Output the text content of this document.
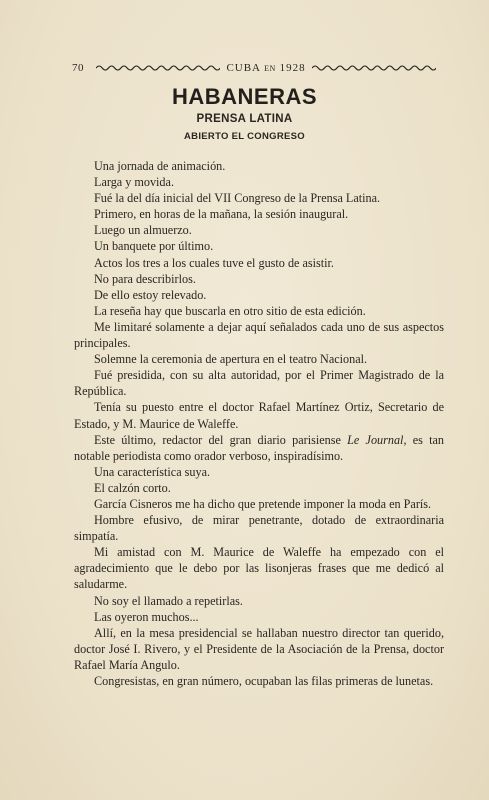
70	CUBA EN 1928
HABANERAS
PRENSA LATINA
ABIERTO EL CONGRESO

Una jornada de animación.

Larga y movida.

Fué la del día inicial del VII Congreso de la Prensa Latina.

Primero, en horas de la mañana, la sesión inaugural.

Luego un almuerzo.

Un banquete por último.

Actos los tres a los cuales tuve el gusto de asistir.

No para describirlos.

De ello estoy relevado.

La reseña hay que buscarla en otro sitio de esta edición.

Me limitaré solamente a dejar aquí señalados cada uno de sus aspectos principales.

Solemne la ceremonia de apertura en el teatro Nacional.

Fué presidida, con su alta autoridad, por el Primer Magistrado de la República.

Tenía su puesto entre el doctor Rafael Martínez Ortiz, Secretario de Estado, y M. Maurice de Waleffe.

Este último, redactor del gran diario parisiense Le Journal, es tan notable periodista como orador verboso, inspiradísimo.

Una característica suya.

El calzón corto.

García Cisneros me ha dicho que pretende imponer la moda en París.

Hombre efusivo, de mirar penetrante, dotado de extraordinaria simpatía.

Mi amistad con M. Maurice de Waleffe ha empezado con el agradecimiento que le debo por las lisonjeras frases que me dedicó al saludarme.

No soy el llamado a repetirlas.

Las oyeron muchos...

Allí, en la mesa presidencial se hallaban nuestro director tan querido, doctor José I. Rivero, y el Presidente de la Asociación de la Prensa, doctor Rafael María Angulo.

Congresistas, en gran número, ocupaban las filas primeras de lunetas.
